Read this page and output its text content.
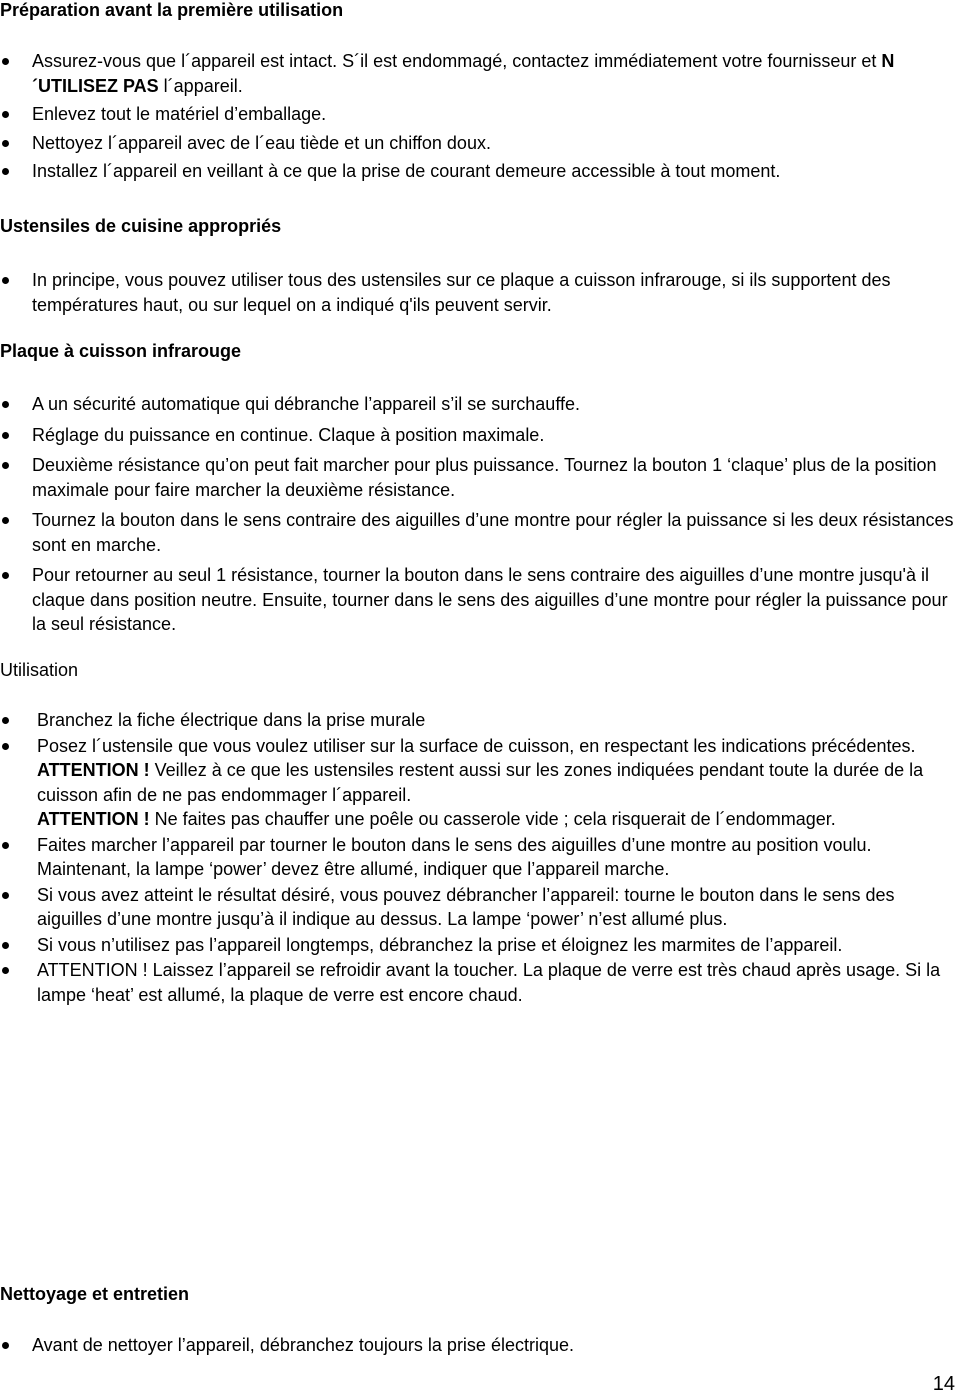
Préparation avant la première utilisation
Assurez-vous que l´appareil est intact. S´il est endommagé, contactez immédiatement votre fournisseur et N´UTILISEZ PAS l´appareil.
Enlevez tout le matériel d’emballage.
Nettoyez l´appareil avec de l´eau tiède et un chiffon doux.
Installez l´appareil en veillant à ce que la prise de courant demeure accessible à tout moment.
Ustensiles de cuisine appropriés
In principe, vous pouvez utiliser tous des ustensiles sur ce plaque a cuisson infrarouge, si ils supportent des températures haut, ou sur lequel on a indiqué q'ils peuvent servir.
Plaque à cuisson infrarouge
A un sécurité automatique qui débranche l’appareil s’il se surchauffe.
Réglage du puissance en continue. Claque à position maximale.
Deuxième résistance qu’on peut fait marcher pour plus puissance. Tournez la bouton 1 ‘claque’ plus de la position maximale pour faire marcher la deuxième résistance.
Tournez la bouton dans le sens contraire des aiguilles d’une montre pour régler la puissance si les deux résistances sont en marche.
Pour retourner au seul 1 résistance, tourner la bouton dans le sens contraire des aiguilles d’une montre jusqu'à il claque dans position neutre. Ensuite, tourner dans le sens des aiguilles d’une montre pour régler la puissance pour la seul résistance.
Utilisation
Branchez la fiche électrique dans la prise murale
Posez l´ustensile que vous voulez utiliser sur la surface de cuisson, en respectant les indications précédentes.
ATTENTION ! Veillez à ce que les ustensiles restent aussi sur les zones indiquées pendant toute la durée de la cuisson afin de ne pas endommager l´appareil.
ATTENTION ! Ne faites pas chauffer une poêle ou casserole vide ; cela risquerait de l´endommager.
Faites marcher l’appareil par tourner le bouton dans le sens des aiguilles d’une montre au position voulu. Maintenant, la lampe ‘power’ devez être allumé, indiquer que l’appareil marche.
Si vous avez atteint le résultat désiré, vous pouvez débrancher l’appareil: tourne le bouton dans le sens des aiguilles d’une montre jusqu’à il indique au dessus. La lampe ‘power’ n’est allumé plus.
Si vous n’utilisez pas l’appareil longtemps, débranchez la prise et éloignez les marmites de l’appareil.
ATTENTION ! Laissez l’appareil se refroidir avant la toucher. La plaque de verre est très chaud après usage. Si la lampe ‘heat’ est allumé, la plaque de verre est encore chaud.
Nettoyage et entretien
Avant de nettoyer l’appareil, débranchez toujours la prise électrique.
14
